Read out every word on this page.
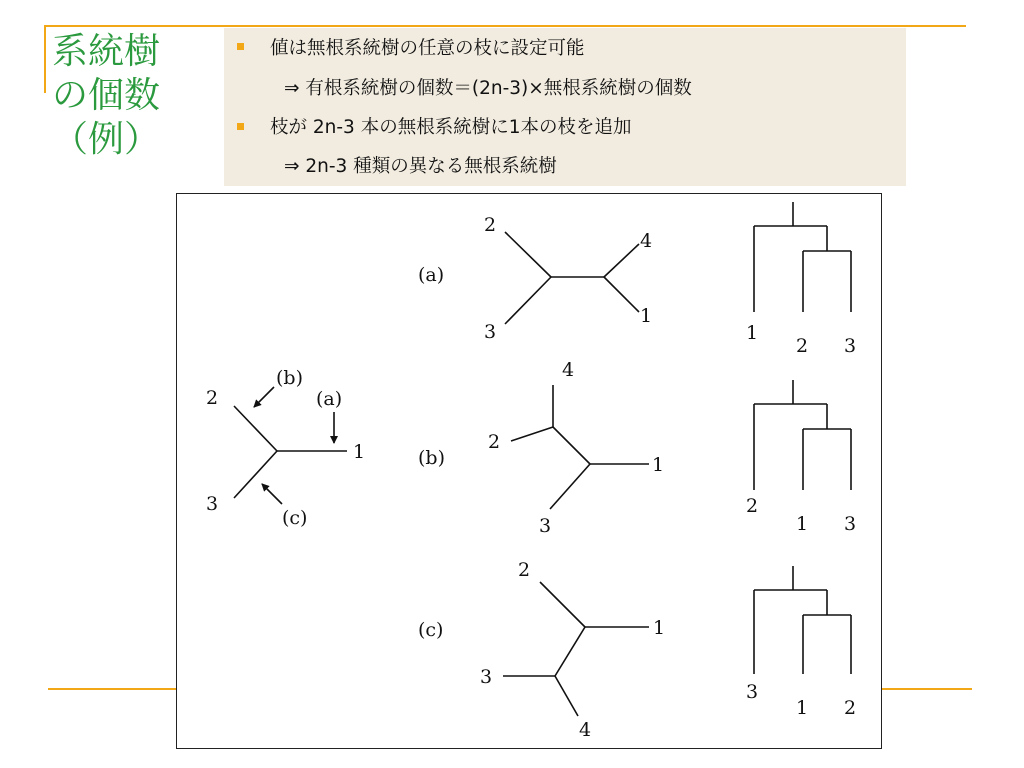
系統樹
の個数
（例）
値は無根系統樹の任意の枝に設定可能
⇒ 有根系統樹の個数＝(2n-3)×無根系統樹の個数
枝が 2n-3 本の無根系統樹に1本の枝を追加
⇒ 2n-3 種類の異なる無根系統樹
2
1
3
(a)
(b)
(c)
(a)
(b)
(c)
2
4
3
1
4
2
1
3
2
1
3
4
1
2 3
2
1 3
3
1 2
